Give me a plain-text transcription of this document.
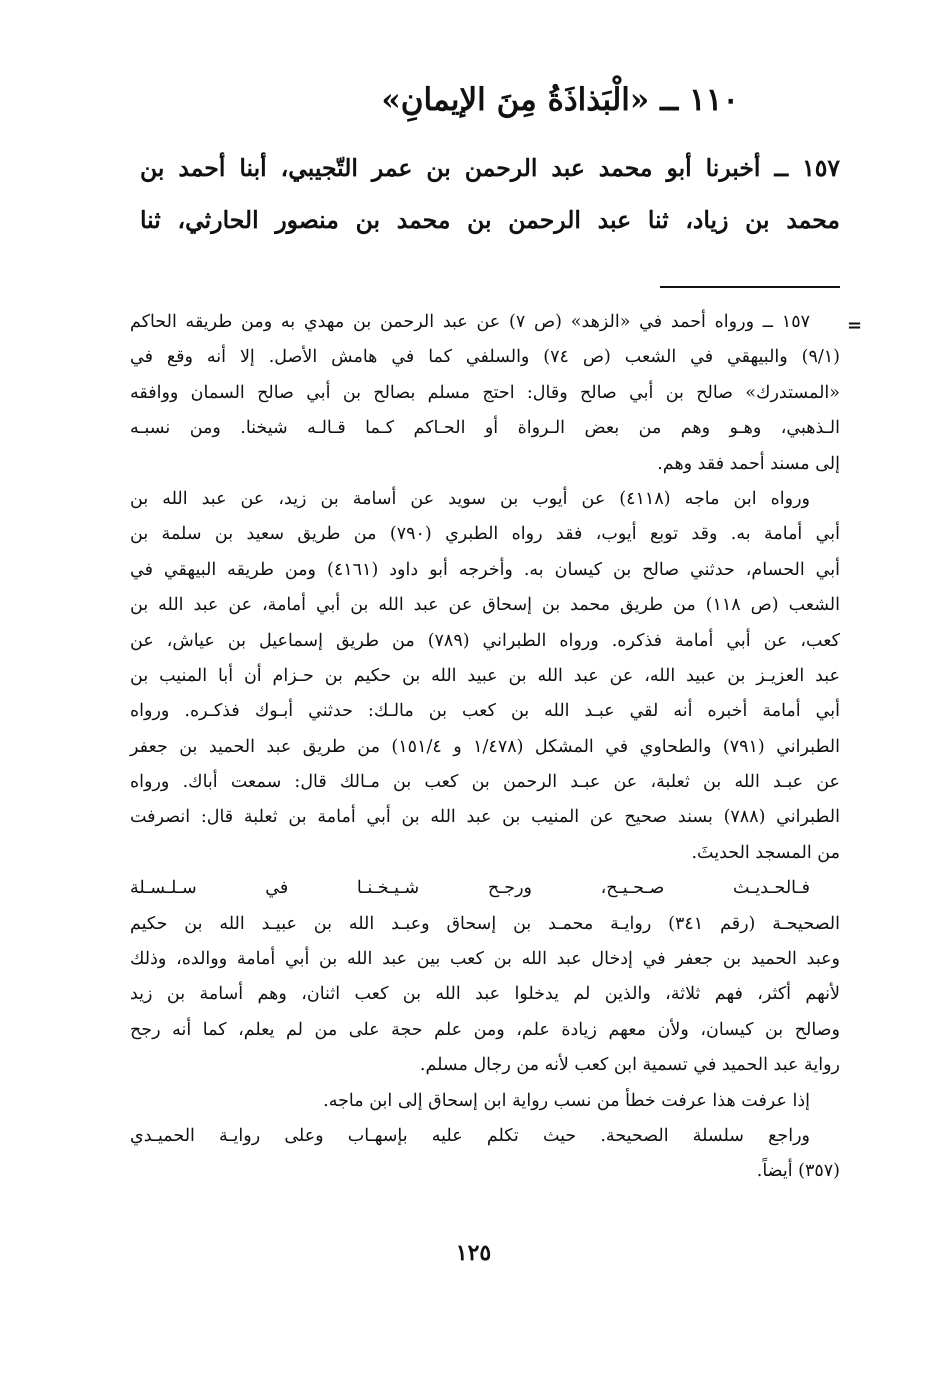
١١٠ ــ «الْبَذاذَةُ مِنَ الإيمانِ»
١٥٧ ــ أخبرنا أبو محمد عبد الرحمن بن عمر التّجيبي، أبنا أحمد بن
محمد بن زياد، ثنا عبد الرحمن بن محمد بن منصور الحارثي، ثنا
=
١٥٧ ــ ورواه أحمد في «الزهد» (ص ٧) عن عبد الرحمن بن مهدي به ومن طريقه الحاكم
(٩/١) والبيهقي في الشعب (ص ٧٤) والسلفي كما في هامش الأصل. إلا أنه وقع في
«المستدرك» صالح بن أبي صالح وقال: احتج مسلم بصالح بن أبي صالح السمان ووافقه
الـذهبي، وهـو وهم من بعض الـرواة أو الحـاكم كـما قـالـه شيخنا. ومن نسبـه
إلى مسند أحمد فقد وهم.
ورواه ابن ماجه (٤١١٨) عن أيوب بن سويد عن أسامة بن زيد، عن عبد الله بن
أبي أمامة به. وقد توبع أيوب، فقد رواه الطبري (٧٩٠) من طريق سعيد بن سلمة بن
أبي الحسام، حدثني صالح بن كيسان به. وأخرجه أبو داود (٤١٦١) ومن طريقه البيهقي في
الشعب (ص ١١٨) من طريق محمد بن إسحاق عن عبد الله بن أبي أمامة، عن عبد الله بن
كعب، عن أبي أمامة فذكره. ورواه الطبراني (٧٨٩) من طريق إسماعيل بن عياش، عن
عبد العزيـز بن عبيد الله، عن عبد الله بن عبيد الله بن حكيم بن حـزام أن أبا المنيب بن
أبي أمامة أخبره أنه لقي عبـد الله بن كعب بن مالـك: حدثني أبـوك فذكـره. ورواه
الطبراني (٧٩١) والطحاوي في المشكل (١/٤٧٨ و ١٥١/٤) من طريق عبد الحميد بن جعفر
عن عبـد الله بن ثعلبة، عن عبـد الرحمن بن كعب بن مـالك قال: سمعت أباك. ورواه
الطبراني (٧٨٨) بسند صحيح عن المنيب بن عبد الله بن أبي أمامة بن ثعلبة قال: انصرفت
من المسجد الحديثَ.
فـالحـديـث صـحـيـح، ورجـح شـيـخـنـا في سـلـسـلة
الصحيحـة (رقم ٣٤١) روايـة محمـد بن إسحاق وعبـد الله بن عبيـد الله بن حكيم
وعبد الحميد بن جعفر في إدخال عبد الله بن كعب بين عبد الله بن أبي أمامة ووالده، وذلك
لأنهم أكثر، فهم ثلاثة، والذين لم يدخلوا عبد الله بن كعب اثنان، وهم أسامة بن زيد
وصالح بن كيسان، ولأن معهم زيادة علم، ومن علم حجة على من لم يعلم، كما أنه رجح
رواية عبد الحميد في تسمية ابن كعب لأنه من رجال مسلم.
إذا عرفت هذا عرفت خطأ من نسب رواية ابن إسحاق إلى ابن ماجه.
وراجع سلسلة الصحيحة. حيث تكلم عليه بإسهـاب وعلى روايـة الحميـدي
(٣٥٧) أيضاً.
١٢٥
